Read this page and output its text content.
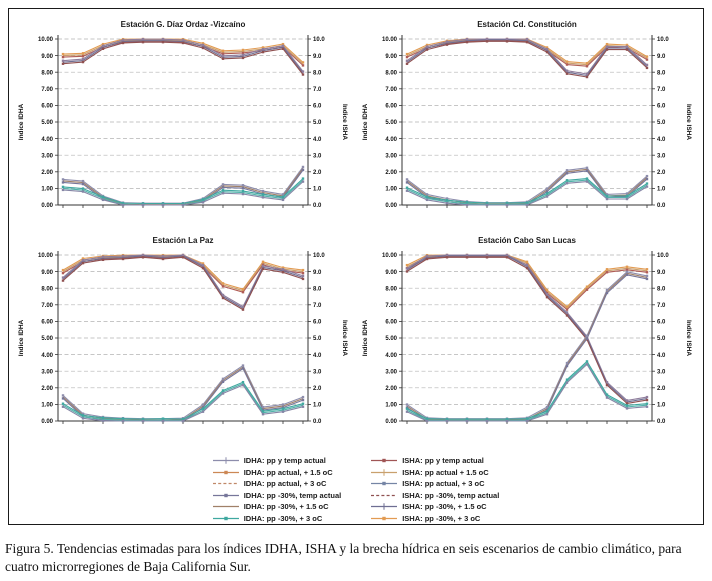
Estación G. Díaz Ordaz -Vizcaíno
0.00	0.0
1.00	1.0
2.00	2.0
3.00	3.0
4.00	4.0
5.00	5.0
6.00	6.0
7.00	7.0
8.00	8.0
9.00	9.0
10.00	10.0
Indice IDHA	Indice ISHA
Estación Cd. Constitución
0.00	0.0
1.00	1.0
2.00	2.0
3.00	3.0
4.00	4.0
5.00	5.0
6.00	6.0
7.00	7.0
8.00	8.0
9.00	9.0
10.00	10.0
Indice IDHA	Indice ISHA
Estación La Paz
0.00	0.0
1.00	1.0
2.00	2.0
3.00	3.0
4.00	4.0
5.00	5.0
6.00	6.0
7.00	7.0
8.00	8.0
9.00	9.0
10.00	10.0
Indice IDHA	Indice ISHA
Estación Cabo San Lucas
0.00	0.0
1.00	1.0
2.00	2.0
3.00	3.0
4.00	4.0
5.00	5.0
6.00	6.0
7.00	7.0
8.00	8.0
9.00	9.0
10.00	10.0
Indice IDHA	Indice ISHA
IDHA: pp y temp actual
IDHA: pp actual, + 1.5 oC
IDHA: pp actual, + 3 oC
IDHA: pp -30%, temp actual
IDHA: pp -30%, + 1.5 oC
IDHA: pp -30%, + 3 oC
ISHA: pp y temp actual
ISHA: pp actual + 1.5 oC
ISHA: pp actual, + 3 oC
ISHA: pp -30%, temp actual
ISHA: pp -30%, + 1.5 oC
ISHA: pp -30%, + 3 oC
Figura 5. Tendencias estimadas para los índices IDHA, ISHA y la brecha hídrica en seis escenarios de cambio climático, para cuatro microrregiones de Baja California Sur.
